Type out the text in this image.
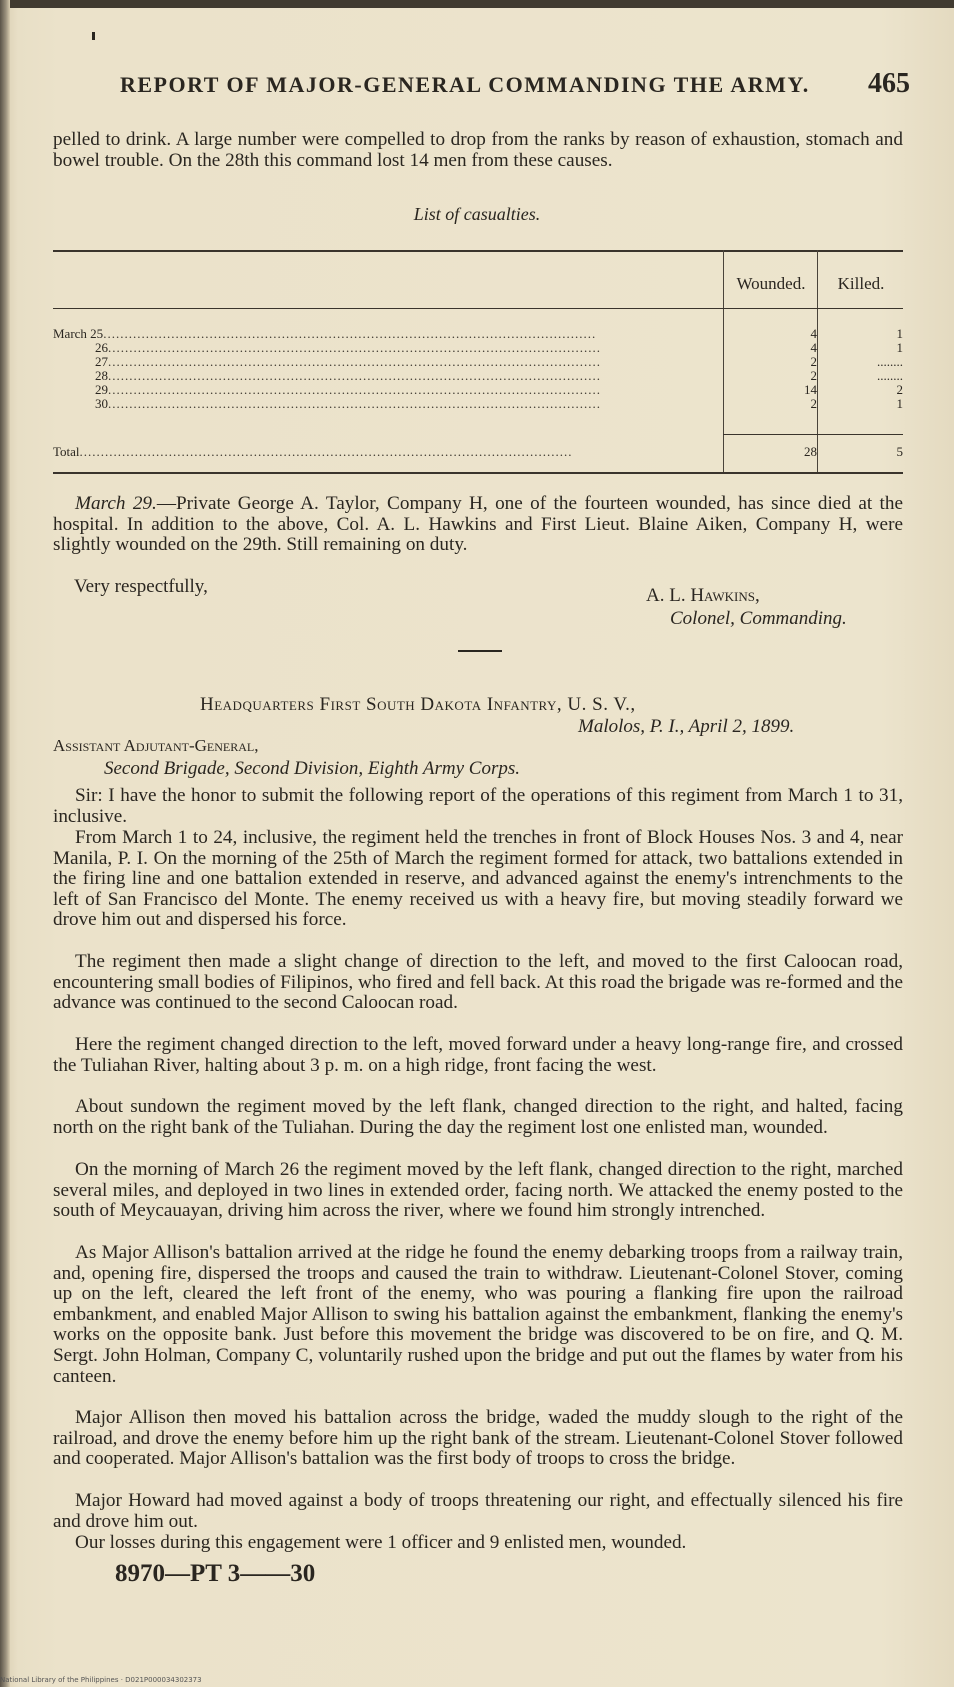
REPORT OF MAJOR-GENERAL COMMANDING THE ARMY. 465

pelled to drink. A large number were compelled to drop from the ranks by reason of exhaustion, stomach and bowel trouble. On the 28th this command lost 14 men from these causes.

List of casualties.
Wounded.	Killed.
March 25....................................................................................................................	4	1
26....................................................................................................................	4	1
27....................................................................................................................	2	........
28....................................................................................................................	2	........
29....................................................................................................................	14	2
30....................................................................................................................	2	1
Total....................................................................................................................	28	5

March 29.—Private George A. Taylor, Company H, one of the fourteen wounded, has since died at the hospital. In addition to the above, Col. A. L. Hawkins and First Lieut. Blaine Aiken, Company H, were slightly wounded on the 29th. Still remaining on duty.

Very respectfully,	A. L. Hawkins,
Colonel, Commanding.
Headquarters First South Dakota Infantry, U. S. V.,
Malolos, P. I., April 2, 1899.
Assistant Adjutant-General,
Second Brigade, Second Division, Eighth Army Corps.

Sir: I have the honor to submit the following report of the operations of this regiment from March 1 to 31, inclusive.

From March 1 to 24, inclusive, the regiment held the trenches in front of Block Houses Nos. 3 and 4, near Manila, P. I. On the morning of the 25th of March the regiment formed for attack, two battalions extended in the firing line and one battalion extended in reserve, and advanced against the enemy's intrenchments to the left of San Francisco del Monte. The enemy received us with a heavy fire, but moving steadily forward we drove him out and dispersed his force.

The regiment then made a slight change of direction to the left, and moved to the first Caloocan road, encountering small bodies of Filipinos, who fired and fell back. At this road the brigade was re-formed and the advance was continued to the second Caloocan road.

Here the regiment changed direction to the left, moved forward under a heavy long-range fire, and crossed the Tuliahan River, halting about 3 p. m. on a high ridge, front facing the west.

About sundown the regiment moved by the left flank, changed direction to the right, and halted, facing north on the right bank of the Tuliahan. During the day the regiment lost one enlisted man, wounded.

On the morning of March 26 the regiment moved by the left flank, changed direction to the right, marched several miles, and deployed in two lines in extended order, facing north. We attacked the enemy posted to the south of Meycauayan, driving him across the river, where we found him strongly intrenched.

As Major Allison's battalion arrived at the ridge he found the enemy debarking troops from a railway train, and, opening fire, dispersed the troops and caused the train to withdraw. Lieutenant-Colonel Stover, coming up on the left, cleared the left front of the enemy, who was pouring a flanking fire upon the railroad embankment, and enabled Major Allison to swing his battalion against the embankment, flanking the enemy's works on the opposite bank. Just before this movement the bridge was discovered to be on fire, and Q. M. Sergt. John Holman, Company C, voluntarily rushed upon the bridge and put out the flames by water from his canteen.

Major Allison then moved his battalion across the bridge, waded the muddy slough to the right of the railroad, and drove the enemy before him up the right bank of the stream. Lieutenant-Colonel Stover followed and cooperated. Major Allison's battalion was the first body of troops to cross the bridge.

Major Howard had moved against a body of troops threatening our right, and effectually silenced his fire and drove him out.

Our losses during this engagement were 1 officer and 9 enlisted men, wounded.

8970—PT 3——30
National Library of the Philippines · D021P000034302373
